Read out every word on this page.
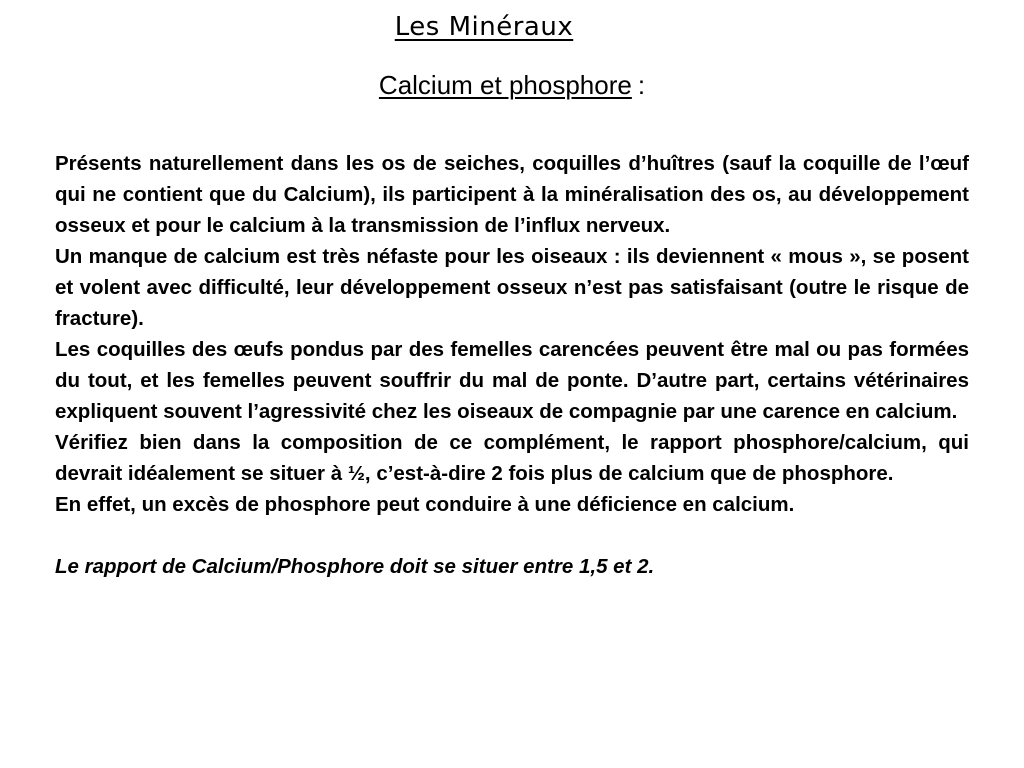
Les Minéraux
Calcium et phosphore :

Présents naturellement dans les os de seiches, coquilles d’huîtres (sauf la coquille de l’œuf qui ne contient que du Calcium), ils participent à la minéralisation des os, au développement osseux et pour le calcium à la transmission de l’influx nerveux.

Un manque de calcium est très néfaste pour les oiseaux : ils deviennent « mous », se posent et volent avec difficulté, leur développement osseux n’est pas satisfaisant (outre le risque de fracture).

Les coquilles des œufs pondus par des femelles carencées peuvent être mal ou pas formées du tout, et les femelles peuvent souffrir du mal de ponte. D’autre part, certains vétérinaires expliquent souvent l’agressivité chez les oiseaux de compagnie par une carence en calcium.

Vérifiez bien dans la composition de ce complément, le rapport phosphore/calcium, qui devrait idéalement se situer à ½, c’est-à-dire 2 fois plus de calcium que de phosphore.

En effet, un excès de phosphore peut conduire à une déficience en calcium.

Le rapport de Calcium/Phosphore doit se situer entre 1,5 et 2.
